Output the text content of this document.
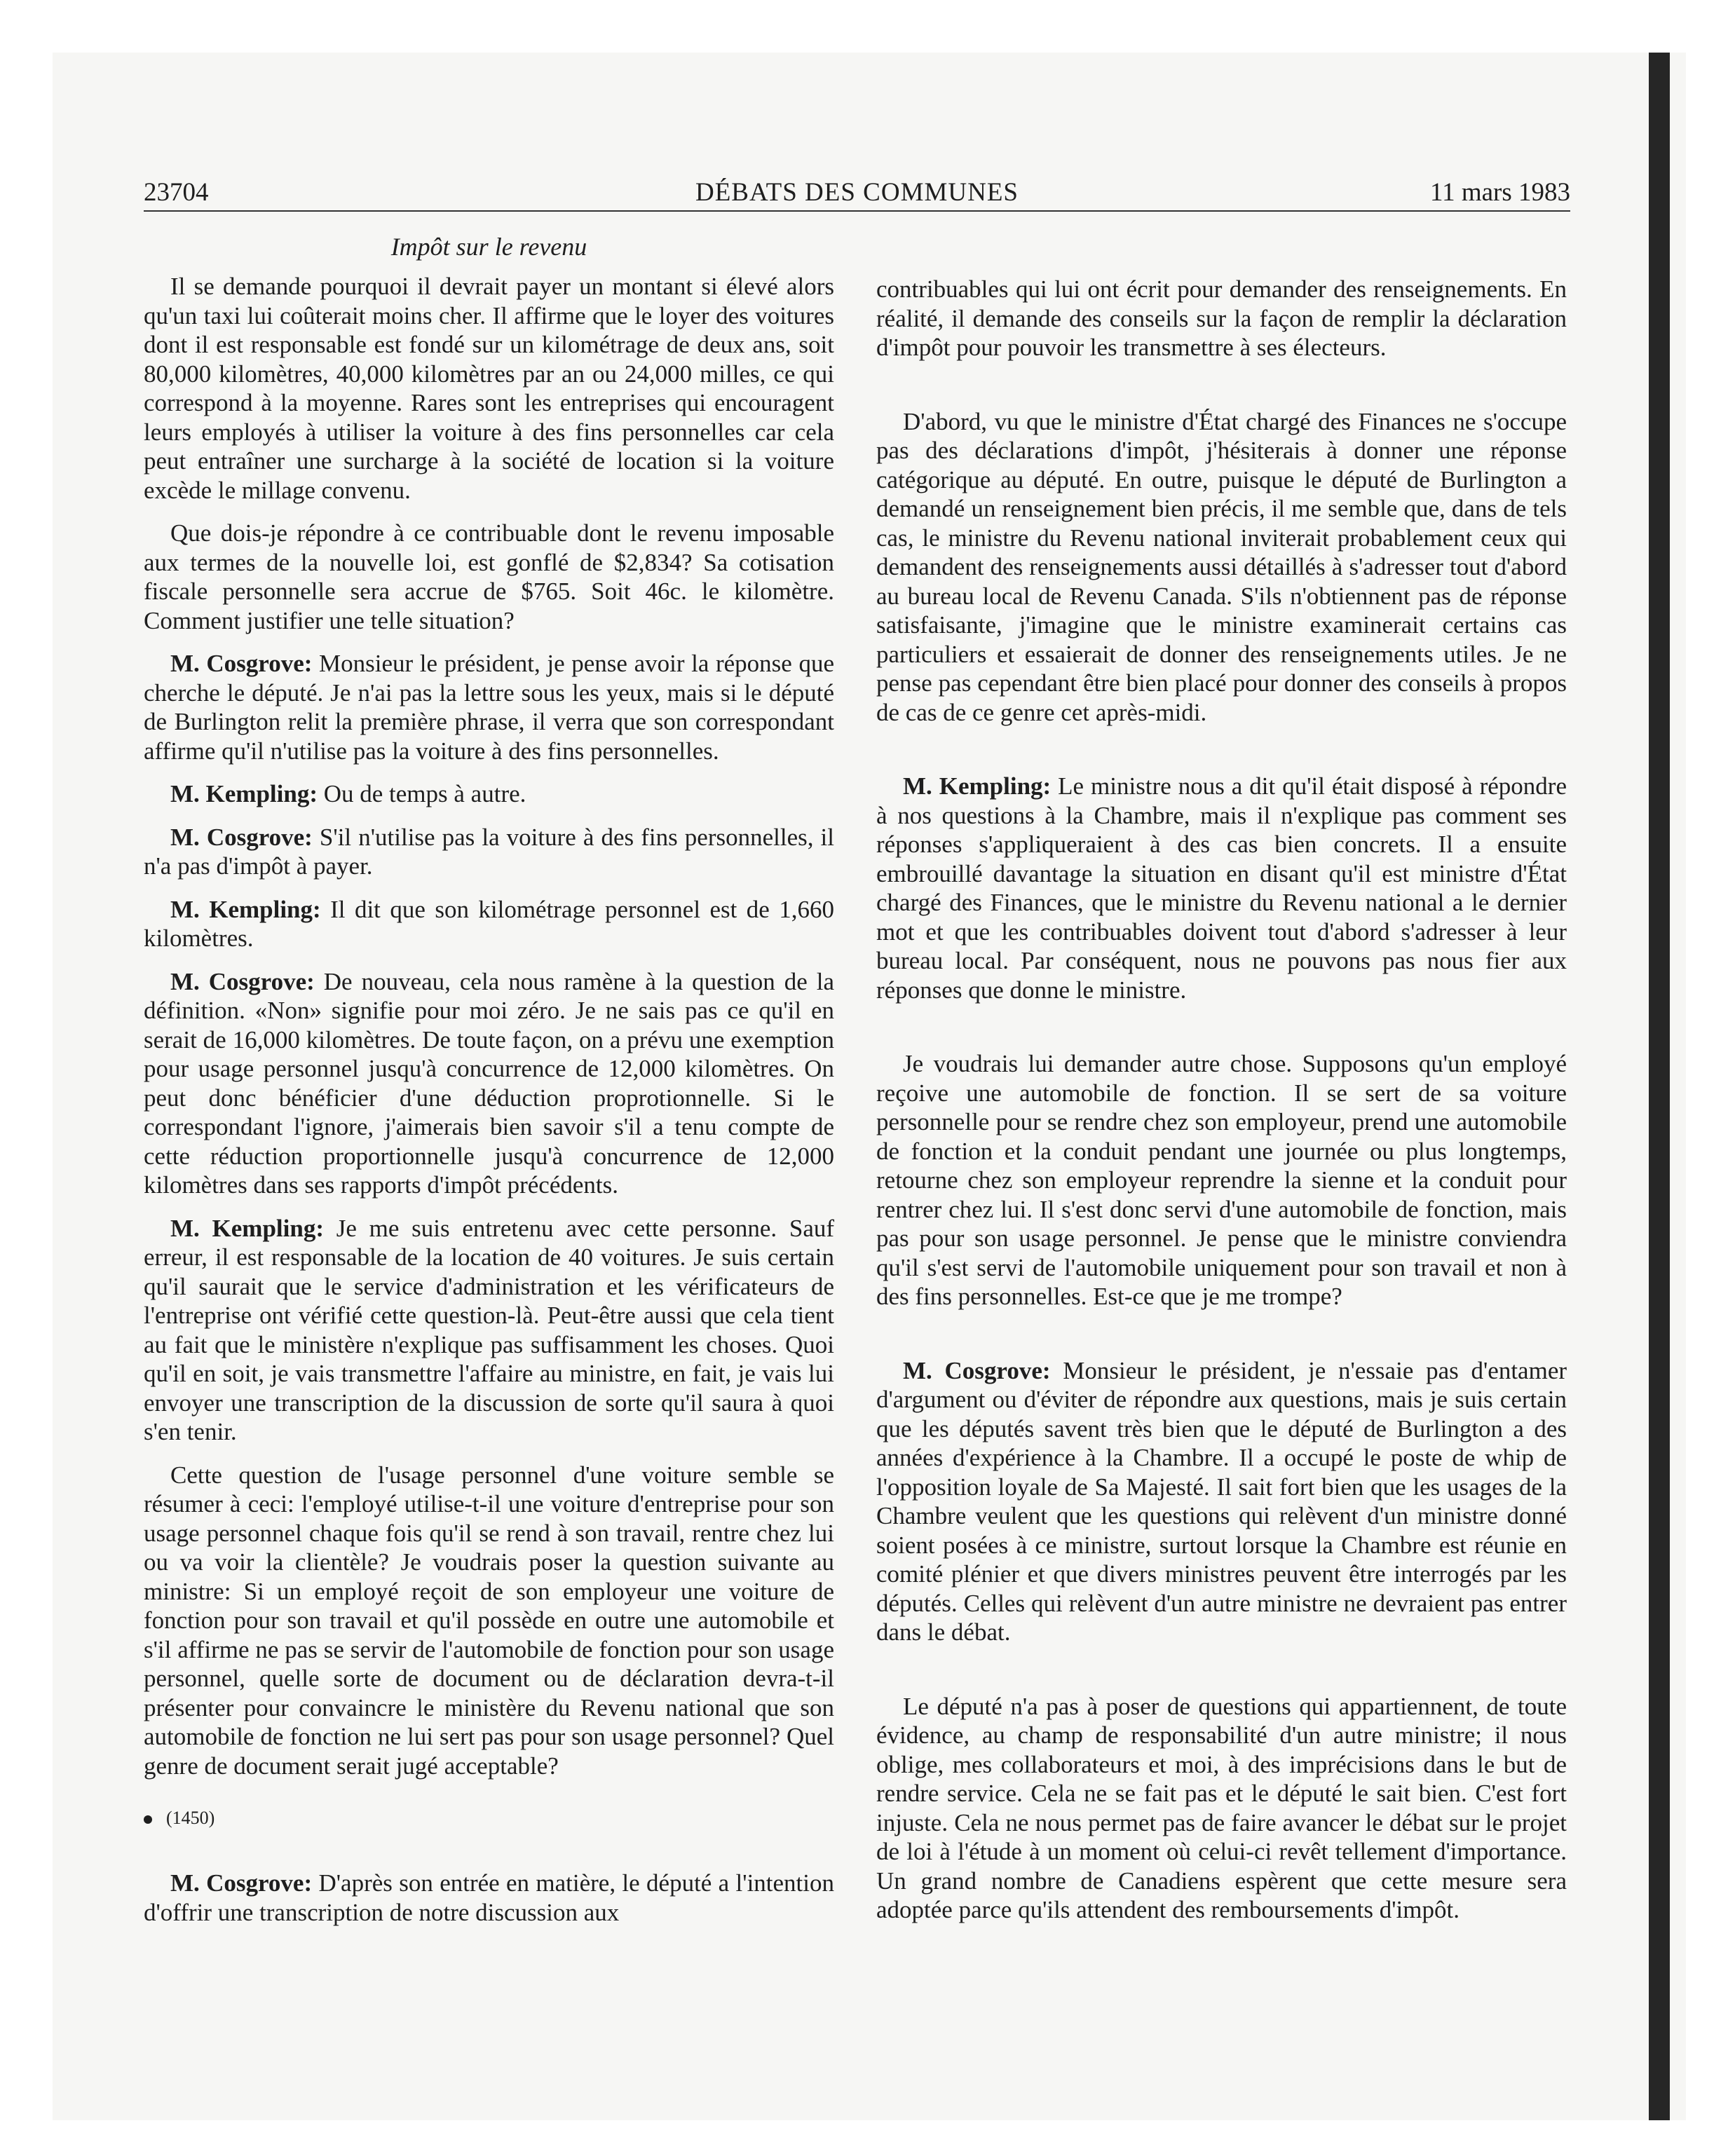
23704	DÉBATS DES COMMUNES	11 mars 1983
Impôt sur le revenu

Il se demande pourquoi il devrait payer un montant si élevé alors qu'un taxi lui coûterait moins cher. Il affirme que le loyer des voitures dont il est responsable est fondé sur un kilométrage de deux ans, soit 80,000 kilomètres, 40,000 kilomètres par an ou 24,000 milles, ce qui correspond à la moyenne. Rares sont les entreprises qui encouragent leurs employés à utiliser la voiture à des fins personnelles car cela peut entraîner une surcharge à la société de location si la voiture excède le millage convenu.

Que dois-je répondre à ce contribuable dont le revenu imposable aux termes de la nouvelle loi, est gonflé de $2,834? Sa cotisation fiscale personnelle sera accrue de $765. Soit 46c. le kilomètre. Comment justifier une telle situation?

M. Cosgrove: Monsieur le président, je pense avoir la réponse que cherche le député. Je n'ai pas la lettre sous les yeux, mais si le député de Burlington relit la première phrase, il verra que son correspondant affirme qu'il n'utilise pas la voiture à des fins personnelles.

M. Kempling: Ou de temps à autre.

M. Cosgrove: S'il n'utilise pas la voiture à des fins personnelles, il n'a pas d'impôt à payer.

M. Kempling: Il dit que son kilométrage personnel est de 1,660 kilomètres.

M. Cosgrove: De nouveau, cela nous ramène à la question de la définition. «Non» signifie pour moi zéro. Je ne sais pas ce qu'il en serait de 16,000 kilomètres. De toute façon, on a prévu une exemption pour usage personnel jusqu'à concurrence de 12,000 kilomètres. On peut donc bénéficier d'une déduction proprotionnelle. Si le correspondant l'ignore, j'aimerais bien savoir s'il a tenu compte de cette réduction proportionnelle jusqu'à concurrence de 12,000 kilomètres dans ses rapports d'impôt précédents.

M. Kempling: Je me suis entretenu avec cette personne. Sauf erreur, il est responsable de la location de 40 voitures. Je suis certain qu'il saurait que le service d'administration et les vérificateurs de l'entreprise ont vérifié cette question-là. Peut-être aussi que cela tient au fait que le ministère n'explique pas suffisamment les choses. Quoi qu'il en soit, je vais transmettre l'affaire au ministre, en fait, je vais lui envoyer une transcription de la discussion de sorte qu'il saura à quoi s'en tenir.

Cette question de l'usage personnel d'une voiture semble se résumer à ceci: l'employé utilise-t-il une voiture d'entreprise pour son usage personnel chaque fois qu'il se rend à son travail, rentre chez lui ou va voir la clientèle? Je voudrais poser la question suivante au ministre: Si un employé reçoit de son employeur une voiture de fonction pour son travail et qu'il possède en outre une automobile et s'il affirme ne pas se servir de l'automobile de fonction pour son usage personnel, quelle sorte de document ou de déclaration devra-t-il présenter pour convaincre le ministère du Revenu national que son automobile de fonction ne lui sert pas pour son usage personnel? Quel genre de document serait jugé acceptable?

(1450)

M. Cosgrove: D'après son entrée en matière, le député a l'intention d'offrir une transcription de notre discussion aux

contribuables qui lui ont écrit pour demander des renseignements. En réalité, il demande des conseils sur la façon de remplir la déclaration d'impôt pour pouvoir les transmettre à ses électeurs.

D'abord, vu que le ministre d'État chargé des Finances ne s'occupe pas des déclarations d'impôt, j'hésiterais à donner une réponse catégorique au député. En outre, puisque le député de Burlington a demandé un renseignement bien précis, il me semble que, dans de tels cas, le ministre du Revenu national inviterait probablement ceux qui demandent des renseignements aussi détaillés à s'adresser tout d'abord au bureau local de Revenu Canada. S'ils n'obtiennent pas de réponse satisfaisante, j'imagine que le ministre examinerait certains cas particuliers et essaierait de donner des renseignements utiles. Je ne pense pas cependant être bien placé pour donner des conseils à propos de cas de ce genre cet après-midi.

M. Kempling: Le ministre nous a dit qu'il était disposé à répondre à nos questions à la Chambre, mais il n'explique pas comment ses réponses s'appliqueraient à des cas bien concrets. Il a ensuite embrouillé davantage la situation en disant qu'il est ministre d'État chargé des Finances, que le ministre du Revenu national a le dernier mot et que les contribuables doivent tout d'abord s'adresser à leur bureau local. Par conséquent, nous ne pouvons pas nous fier aux réponses que donne le ministre.

Je voudrais lui demander autre chose. Supposons qu'un employé reçoive une automobile de fonction. Il se sert de sa voiture personnelle pour se rendre chez son employeur, prend une automobile de fonction et la conduit pendant une journée ou plus longtemps, retourne chez son employeur reprendre la sienne et la conduit pour rentrer chez lui. Il s'est donc servi d'une automobile de fonction, mais pas pour son usage personnel. Je pense que le ministre conviendra qu'il s'est servi de l'automobile uniquement pour son travail et non à des fins personnelles. Est-ce que je me trompe?

M. Cosgrove: Monsieur le président, je n'essaie pas d'entamer d'argument ou d'éviter de répondre aux questions, mais je suis certain que les députés savent très bien que le député de Burlington a des années d'expérience à la Chambre. Il a occupé le poste de whip de l'opposition loyale de Sa Majesté. Il sait fort bien que les usages de la Chambre veulent que les questions qui relèvent d'un ministre donné soient posées à ce ministre, surtout lorsque la Chambre est réunie en comité plénier et que divers ministres peuvent être interrogés par les députés. Celles qui relèvent d'un autre ministre ne devraient pas entrer dans le débat.

Le député n'a pas à poser de questions qui appartiennent, de toute évidence, au champ de responsabilité d'un autre ministre; il nous oblige, mes collaborateurs et moi, à des imprécisions dans le but de rendre service. Cela ne se fait pas et le député le sait bien. C'est fort injuste. Cela ne nous permet pas de faire avancer le débat sur le projet de loi à l'étude à un moment où celui-ci revêt tellement d'importance. Un grand nombre de Canadiens espèrent que cette mesure sera adoptée parce qu'ils attendent des remboursements d'impôt.
